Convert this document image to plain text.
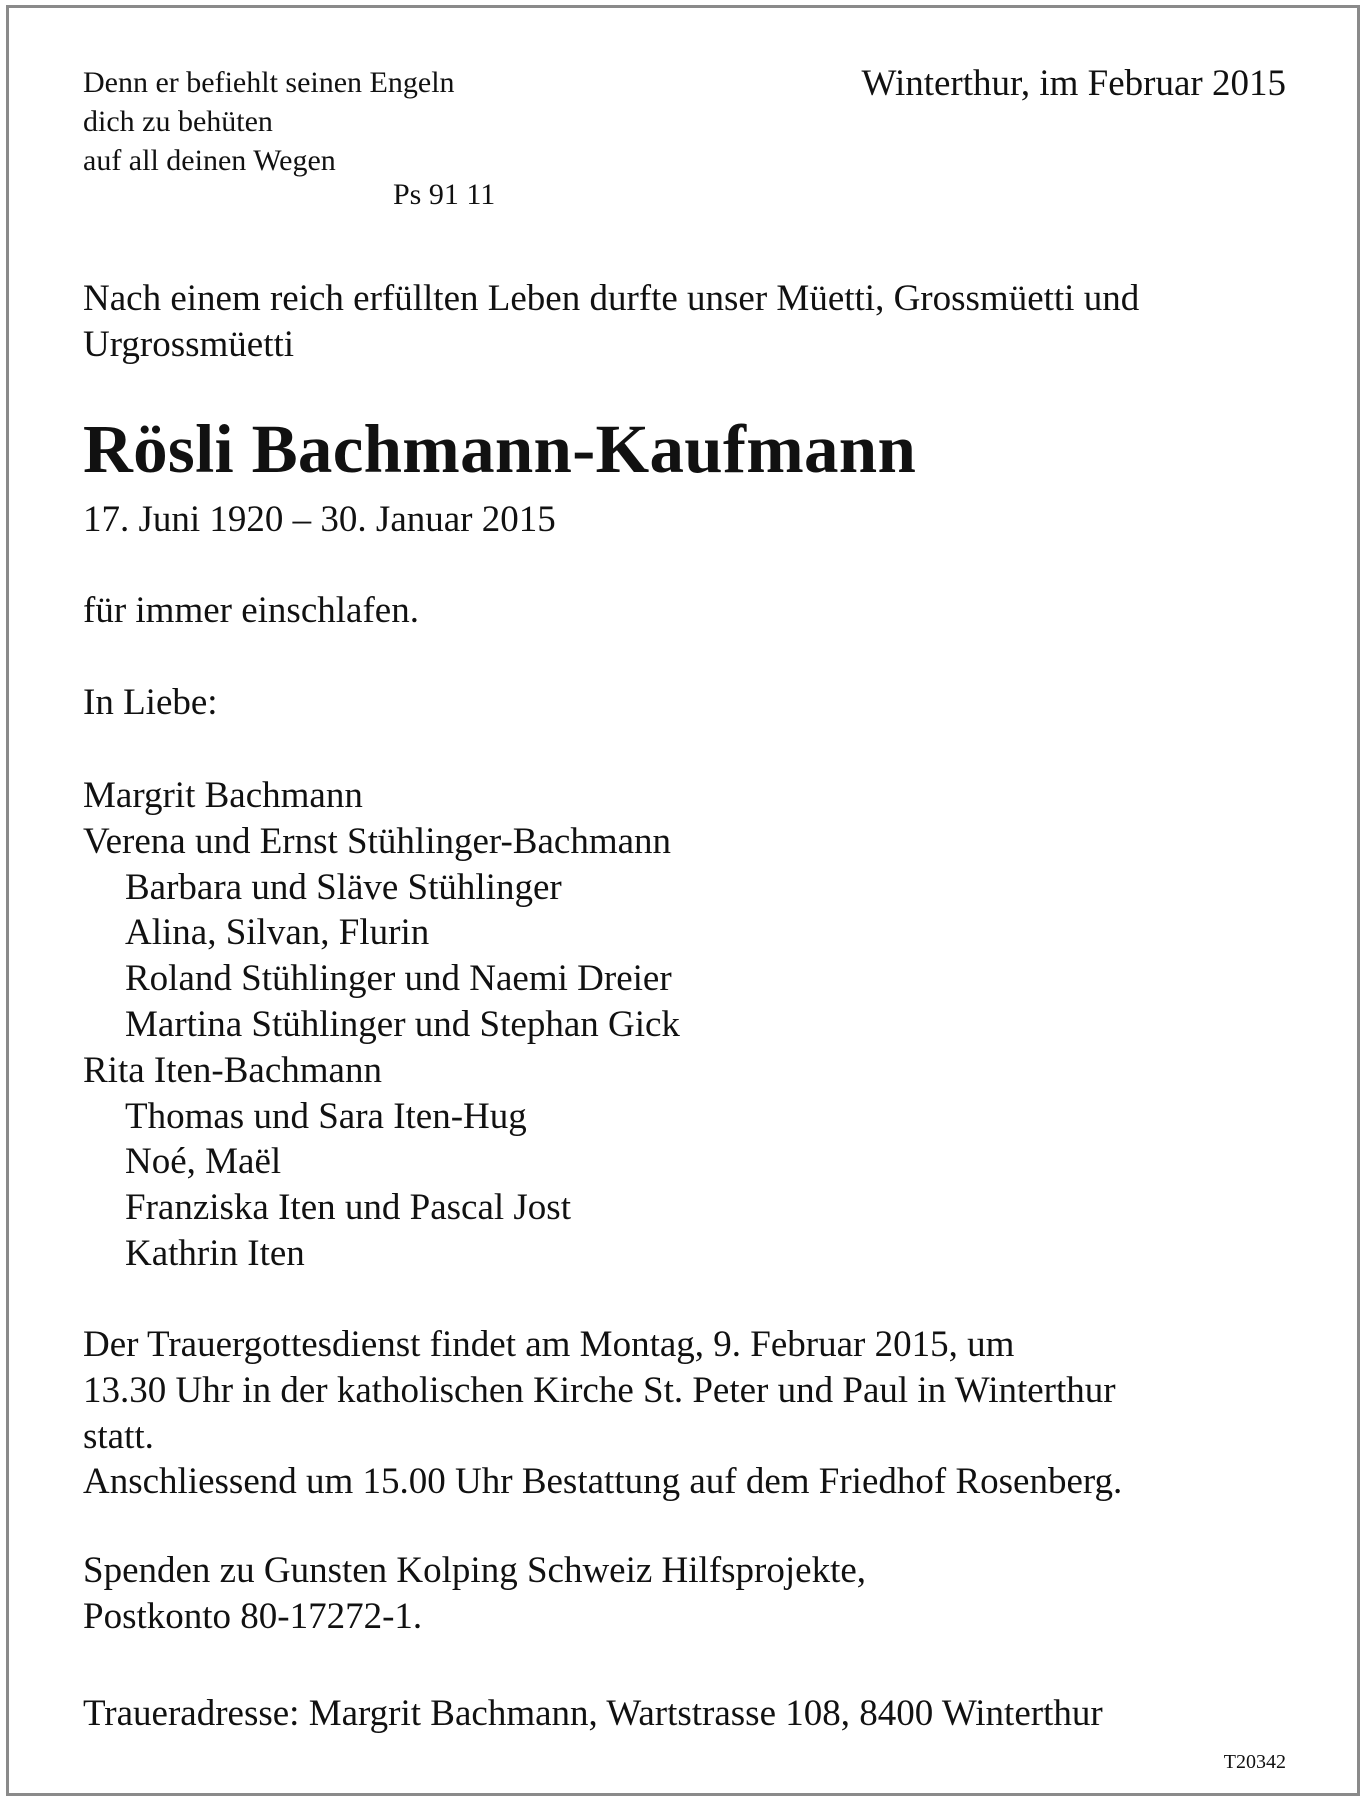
Denn er befiehlt seinen Engeln
dich zu behüten
auf all deinen Wegen
Ps 91 11
Winterthur, im Februar 2015
Nach einem reich erfüllten Leben durfte unser Müetti, Grossmüetti und
Urgrossmüetti
Rösli Bachmann-Kaufmann
17. Juni 1920 – 30. Januar 2015
für immer einschlafen.
In Liebe:
Margrit Bachmann
Verena und Ernst Stühlinger-Bachmann
Barbara und Släve Stühlinger
Alina, Silvan, Flurin
Roland Stühlinger und Naemi Dreier
Martina Stühlinger und Stephan Gick
Rita Iten-Bachmann
Thomas und Sara Iten-Hug
Noé, Maël
Franziska Iten und Pascal Jost
Kathrin Iten
Der Trauergottesdienst findet am Montag, 9. Februar 2015, um
13.30 Uhr in der katholischen Kirche St. Peter und Paul in Winterthur
statt.
Anschliessend um 15.00 Uhr Bestattung auf dem Friedhof Rosenberg.
Spenden zu Gunsten Kolping Schweiz Hilfsprojekte,
Postkonto 80-17272-1.
Traueradresse: Margrit Bachmann, Wartstrasse 108, 8400 Winterthur
T20342
